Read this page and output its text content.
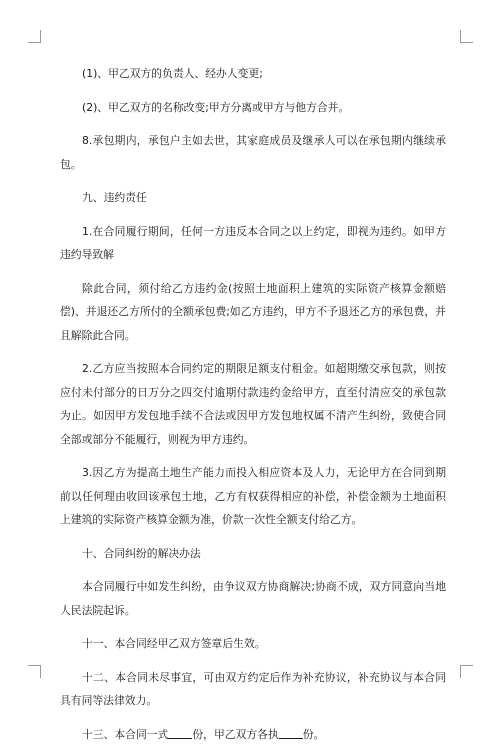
(1)、甲乙双方的负责人、经办人变更;

(2)、甲乙双方的名称改变;甲方分离或甲方与他方合并。

8.承包期内，承包户主如去世，其家庭成员及继承人可以在承包期内继续承包。

九、违约责任

1.在合同履行期间，任何一方违反本合同之以上约定，即视为违约。如甲方违约导致解

除此合同，须付给乙方违约金(按照土地面积上建筑的实际资产核算金额赔偿)、并退还乙方所付的全额承包费;如乙方违约，甲方不予退还乙方的承包费，并且解除此合同。

2.乙方应当按照本合同约定的期限足额支付租金。如超期缴交承包款，则按应付未付部分的日万分之四交付逾期付款违约金给甲方，直至付清应交的承包款为止。如因甲方发包地手续不合法或因甲方发包地权属不清产生纠纷，致使合同全部或部分不能履行，则视为甲方违约。

3.因乙方为提高土地生产能力而投入相应资本及人力，无论甲方在合同到期前以任何理由收回该承包土地，乙方有权获得相应的补偿，补偿金额为土地面积上建筑的实际资产核算金额为准，价款一次性全额支付给乙方。

十、合同纠纷的解决办法

本合同履行中如发生纠纷，由争议双方协商解决;协商不成，双方同意向当地人民法院起诉。

十一、本合同经甲乙双方签章后生效。

十二、本合同未尽事宜，可由双方约定后作为补充协议，补充协议与本合同具有同等法律效力。

十三、本合同一式 份，甲乙双方各执 份。
